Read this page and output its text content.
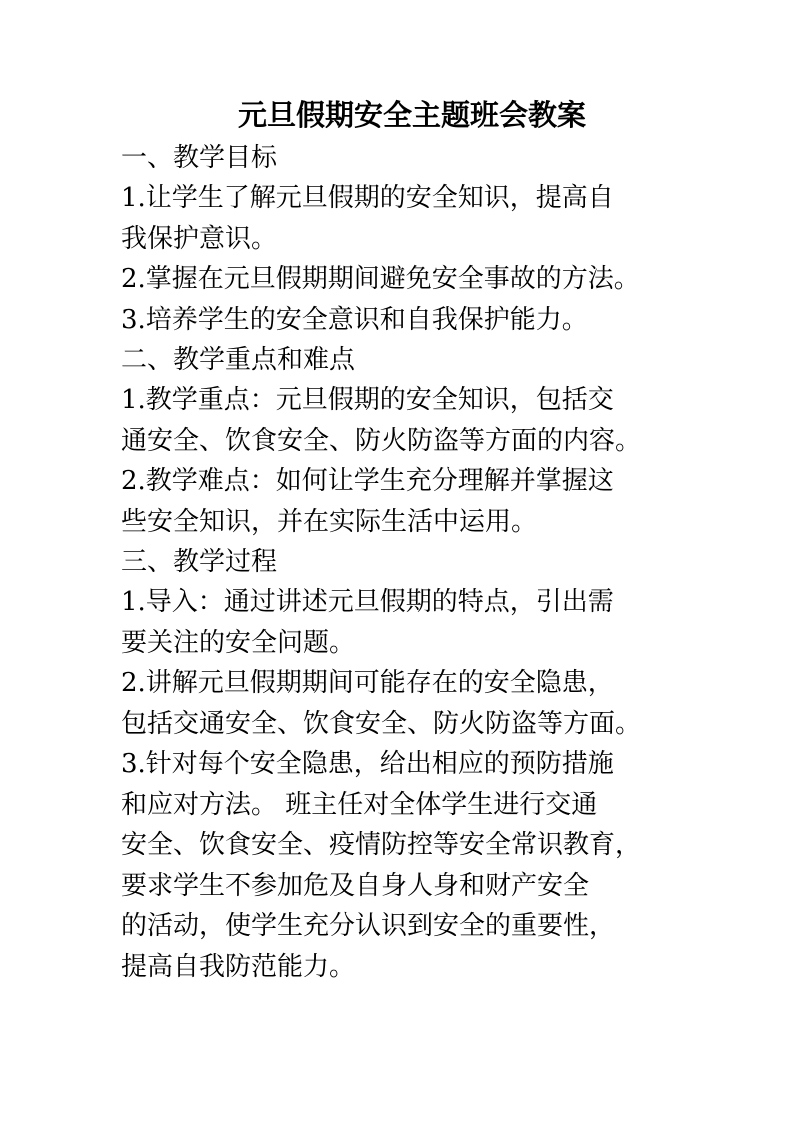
元旦假期安全主题班会教案
一、教学目标
1.让学生了解元旦假期的安全知识，提高自
我保护意识。
2.掌握在元旦假期期间避免安全事故的方法。
3.培养学生的安全意识和自我保护能力。
二、教学重点和难点
1.教学重点：元旦假期的安全知识，包括交
通安全、饮食安全、防火防盗等方面的内容。
2.教学难点：如何让学生充分理解并掌握这
些安全知识，并在实际生活中运用。
三、教学过程
1.导入：通过讲述元旦假期的特点，引出需
要关注的安全问题。
2.讲解元旦假期期间可能存在的安全隐患，
包括交通安全、饮食安全、防火防盗等方面。
3.针对每个安全隐患，给出相应的预防措施
和应对方法。 班主任对全体学生进行交通
安全、饮食安全、疫情防控等安全常识教育，
要求学生不参加危及自身人身和财产安全
的活动，使学生充分认识到安全的重要性，
提高自我防范能力。
